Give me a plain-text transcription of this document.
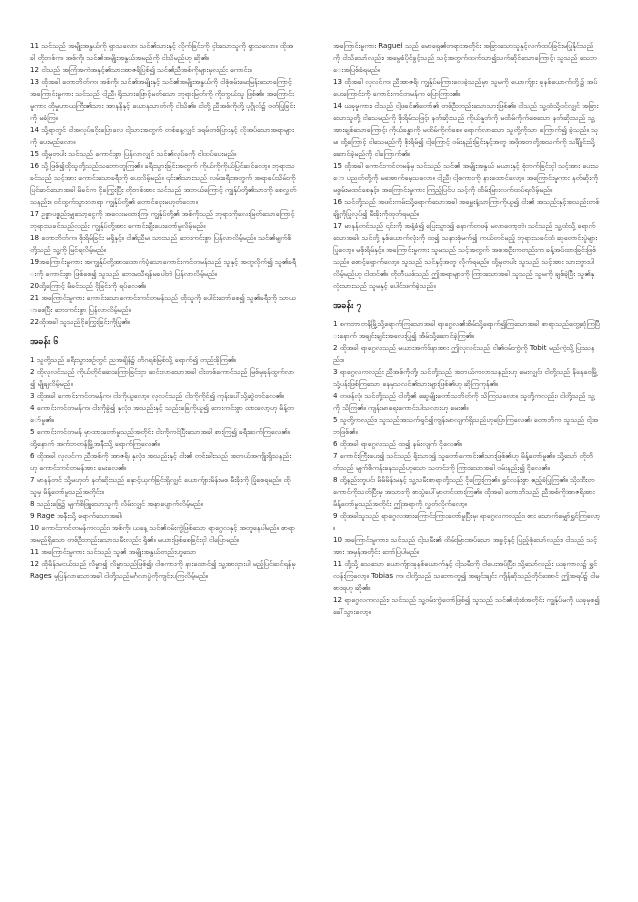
11 သင်သည် အမျိုးအနွယ်ကို ရှာသလော၊ သင်၏သားနှင့် လိုက်ခြင်းကို ငှါးသောသူကို ရှာသလော။ ထိုအခါ တိုဘစ်က၊ အစ်ကို၊ သင်၏အမျိုးအနွယ်အမည်ကို ငါသိမည်ဟု ဆို၏။

12 ငါသည် အကြံအကဲအနှင့်၏သားအာဇရိပြစ်၍ သင်၏ညီအစ်ကိုများမှလည်း ကောင်း။

13 ထိုအခါ တောဘိတ်က၊ အစ်ကို၊ သင်၏အမျိုးနှင့် သင်၏အမျိုးအနွယ်ကို ငါစုံစမ်းမေးမြန်းသောကြောင့် အကြောင်းမူကား သင်သည် ငါ့ညီ၊ ရိုးသားဖြောင့်မတ်သော ဘုရားမြတ်ကို ကိုးကွယ်သူ ဖြစ်၏။ အကြောင်းမူကား ထိုမှုဟာယကြီး၏သား အာနနိနှင့် ယောနသာတ်ကို ငါသိ၏။ ငါတို့ ညီအစ်ကိုတို့ ပုဂ္ဂိုလ်၌ ဝတ်ပြုခြင်းကို မခံကြ။

14 သို့ရာတွင် ငါအလုပ်ခဝိုးပြောလေ ငါ့သားအတွက် တစ်နေ့လျှင် ဒရမ်တစ်ပြားနှင့် လိုအပ်သောအရာများကို ပေးမည်လော။

15 ထို့မှတပါး သင်သည် ကောင်းစွာ ပြန်လာလျှင် သင်၏လုပ်ခကို ငါထပ်ပေးမည်။

16 သို့ဖြစ်၍ထိုသူတို့သည်သဘောတူကြ၏။ ခရီးသွားခြင်းအတွက် ကိုယ်ကိုကိုယ်ပြင်ဆင်လော့။ ဘုရားသခင်သည် သင့်အား ကောင်းသောခရီးကို ပေးလိမ့်မည်။ ၎င်း၏သားသည် လမ်းခရီးအတွက် အရာခပ်သိမ်းကို ပြင်ဆင်သောအခါ မိခင်က ငိုကြွေးပြီး တိုဘစ်အား သင်သည် အဘယ်ကြောင့် ကျွန်ုပ်တို့၏သားကို စေလွှတ်သနည်း။ ဝင်ထွက်သွားလာရာ ကျွန်ုပ်တို့၏ တောင်ဝှေးမဟုတ်လော။

17 ဥစ္စာပစ္စည်းမျှသော့ငွေကို အလေးမထားကြ၊ ကျွန်ုပ်တို့၏ အစ်ကိုသည် ဘုရားကိုလေးမြတ်သောကြောင့် ဘုရားသခင်သည်လည်း ကျွန်ုပ်တို့အား ကောင်းချီးပေးတော်မူလိမ့်မည်။

18 တောဘိတ်က၊ စိုးရိမ်ခြင်း မရှိနှင့်။ ငါ၏ညီမ၊ သားသည် ဘေးကင်းစွာ ပြန်လာလိမ့်မည်။ သင်၏မျက်စိတို့သည် သူ့ကို မြင်ရလိမ့်မည်။

19အကြောင်းမူကား အကျွန်ုပ်တို့အားထောက်ပံ့သောကောင်းကင်တမန်သည် သူနှင့် အတူလိုက်၍ သူ၏ခရီးကို ကောင်းစွာ ဖြစ်စေ၍ သူသည် ဘေးမသီရန်မခပါဘဲ ပြန်လာလိမ့်မည်။

20ထို့ကြောင့် မိခင်သည် ငိုခြင်းကို ရပ်လေ၏။

21 အကြောင်းမူကား ကောင်းသောကောင်းကင်တမန်သည် ထိုသူကို ပေါင်းဘော်စေ၍ သူ၏ခရီးကို သာယာစေပြီး ဘေးကင်းစွာ ပြန်လာလိမ့်မည်။

22ထိုအခါ သူသည်ငိုကြွေးခြင်းကိုပြု၏။

အခန်း ၆

1 သူတို့သည် ခရီးသွားစဉ်တွင် ညအချိန်၌ တိဂရစ်မြစ်သို့ ရောက်၍ တည်းခိုကြ၏။

2 ထိုလုလင်သည် ကိုယ်တိုင်ဆေးကြောခြင်းငှာ ဆင်းလာသောအခါ ငါးတစ်ကောင်သည် မြစ်မှခုန်ထွက်လာ၍ မျိုချလိမ့်မည်။

3 ထိုအခါ ကောင်းကင်တမန်က၊ ငါးကိုယူလော့။ လုလင်သည် ငါးကိုကိုင်၍ ကုန်းပေါ်သို့ဆွဲတင်လေ၏။

4 ကောင်းကင်တမန်က၊ ငါးကိုခွဲ၍ နှလုံး၊ အသည်းနှင့် သည်းခြေကိုယူ၍ ဘေးကင်းစွာ ထားလော့ဟု မိန့်တော်မူ၏။

5 ကောင်းကင်တမန် မှာထားတော်မူသည်အတိုင်း ငါးကိုကင်ပြီးသောအခါ စားကြ၍ ခရီးဆက်ကြလေ၏။ ထို့နောက် အက်ဘတန်မြို့အနီးသို့ ရောက်ကြလေ၏။

6 ထိုအခါ လုလင်က ညီအစ်ကို အာဇရိ၊ နှလုံး၊ အသည်းနှင့် ငါး၏ တင်းခါးသည် အဘယ်အကျိုးရှိသနည်းဟု ကောင်းကင်တမန်အား မေးလေ၏။

7 မာနန်တင် သို့မဟုတ် နတ်ဆိုးသည် နှောင့်ယှက်ခြင်းရှိလျှင် ယောက်ျားမိန်းမစ မီးခိုးကို ပြုံစေရမည်။ ထိုသူမှ မိန့်တော်မူသည်အတိုင်း။

8 သည်းခြေ၌ မျက်စိဖြူသောသူကို လိမ်းလျှင် အနာပျောက်လိမ့်မည်။

9 Rage အနီးသို့ ရောက်သောအခါ၊

10 ကောင်းကင်တမန်ကလည်း၊ အစ်ကို၊ ယနေ့ သင်၏ဝမ်းကွဲဖြစ်သော ရာဂွေလနှင့် အတူနေပါမည်။ စာရာအမည်ရှိသော တစ်ဦးတည်းသောသမီးလည်း ရှိ၏။ မယားဖြစ်စေခြင်းငှါ ငါပြောမည်။

11 အကြောင်းမူကား သင်သည် သူ၏ အမျိုးအနွယ်တည်းဟူသော

12 ထိုမိန်းမငယ်သည် လိမ္မာ၍ လိမ္မာသည်ဖြစ်၍၊ ငါစကားကို နားထောင်၍ သူ့အားငှားပါ မည့်ပြင်ဆင်ရန်မှ Rages မှပြန်လာသောအခါ ငါတို့သည်မင်္ဂလာပွဲကိုကျင်းပကြလိမ့်မည်။

အကြောင်းမူကား Raguel သည် မောရှေ၏တရားအတိုင်း အခြားသောသူနှင့်လက်ထပ်ခြင်းမပြုနိုင်သည်ကို ငါသိသော်လည်း၊ အမွေခံပိုင်ခွင့်သည် သင့်အတွက်ထက်သာ၍သက်ဆိုင်သောကြောင့်၊ သူသည် သေဘေးအပြစ်ခံရမည်။

13 ထိုအခါ လုလင်က၊ ညီအာဇရိ၊ ကျွန်ုပ်မကြားလေခဲ့သည်မှာ သူမကို ယောက်ျား ခုနစ်ယောက်တို့၌ အပ်ပေးကြောင်းကို ကောင်းကင်တမန်က ပြောကြား၏။

14 ယခုမူကား၊ ငါသည် ငါ့ဖခင်၏တော်၏ တစ်ဦးတည်းသောသားဖြစ်၏။ ငါသည် သူ့ထံသို့ဝင်လျှင် အခြားသောသူတို့ ငါသေမည်ကို စိုးရိမ်သဖြင့်၊ နတ်ဆိုးသည် ကိုယ်နှုတ်ကို မထိမ်ကိုက်စေသော နတ်ဆိုးသည် သူ့အားချစ်သောကြောင့်၊ ကိုယ်ခန္ဓာကို မထိမ်ကိုက်စေ။ ရောက်လာသော သူတို့ကိုသာ ကြောက်၍ ခဲ့သည်။ သုမ၊ ထို့ကြောင့် ငါသေမည်ကို စိုးရိမ်၍ ငါ့ကြောင့် ဝမ်းနည်းခြင်းနှင့်အတူ အဖိုအဘတို့အသက်ကို သင်္ချိုင်းသို့ ဆောင်ခဲ့မည်ကို ငါကြောက်၏။

15 ထိုအခါ ကောင်းကင်တမန်မှ သင်သည် သင်၏ အမျိုးအနွယ် မယားနှင့် စုံဘက်ခြင်းငှါ သင့်အား ပေးသော ပညတ်တို့ကို မအောက်မေ့သလော။ ငါ့ညီ၊ ငါ့စကားကို နားထောင်လော့။ အကြောင်းမူကား နတ်ဆိုးကို မစွမ်းမထင်စေနှင့်။ အကြောင်းမူကား ကြည့်ပြင်ပ သင့်ကို ထိမ်းမြားလက်ထပ်ရလိမ့်မည်။

16 သင်တို့သည် အဖင်းကမ်းသို့ရောက်သောအခါ အမွှေးနံ့သာကြာကိုယူ၍ ငါး၏ အသည်းနှင့်အသည်းတစ်ချို့ကိုပြုလုပ်၍ မီးခိုးကိုထုတ်ရမည်။

17 မာနန်တင်သည် ၎င်းကို အနံ့ခံ၍ ပြေးသွား၍ နောက်တဖန် မလာတော့ဘဲ၊ သင်သည် သူ့ထံသို့ ရောက်သောအခါ၊ သင်တို့ နှစ်ယောက်လုံးကို ထ၍ သနားစုံမက်၍ ကယ်တင်မည့် ဘုရားသခင်ထံ ဆုတောင်းပွဲများပြုလော့။ မစိုးရိမ်နှင့်။ အကြောင်းမူကား သူမသည် သင့်အတွက် အစအဦးကတည်းက ခန့်အပ်ထားခြင်းဖြစ်သည်။ စောင့်ရှောက်လော့။ သူသည် သင်နှင့်အတူ လိုက်ရမည်။ ထို့မှတပါး သူသည် သင့်အား သားဘွားပါလိမ့်မည်ဟု ငါထင်၏။ တိုဘီယစ်သည် ဤအရာများကို ကြားသောအခါ သူသည် သူမကို ချစ်ခဲ့ပြီး သူ၏နှလုံးသားသည် သူမနှင့် ပေါင်းဖက်ခဲ့သည်။

အခန်း ၇

1 စကဘာတနိမြို့သို့ရောက်ကြသောအခါ ရာဂွေလ၏အိမ်သို့ရောက်၍ကြသောအခါ စာရာသည်တွေ့ဆုံကြပြီးနောက် အချင်းချင်းအလေးပြု၍ အိမ်သို့ဆောင်ခဲ့ကြ၏။

2 ထိုအခါ ရာဂွေလသည် မယားအက်ဒ်နာအား ဤလုလင်သည် ငါ၏ဝမ်းကွဲကို Tobit မည်ကဲ့သို့ ပြဿနည်း။

3 ရာဂွေလကလည်း ညီအစ်ကိုတို့၊ သင်တို့သည် အဘယ်ကလာသနည်းဟု မေးလျှင်၊ ငါတို့သည် နိနေဝေမြို့ သုံ့ပန်းဖြစ်ကြသော နေမှသလင်၏သားများဖြစ်၏ဟု ဆိုကြကုန်၏။

4 တဖန်လုံ၊ သင်တို့သည် ငါတို့၏ ဆွေမျိုးတော်သဘိတ်ကို သိကြသလော။ သူတို့ကလည်း၊ ငါတို့သည် သူ့ကို သိကြ၏။ ကျန်းမာရေးကောင်းပါသလားဟု မေး၏။

5 သူတို့ကလည်း၊ သူသည်အသက်ရှင်၍ကျန်းမာလျက်ရှိသည်ဟုပြောကြလေ၏၊ တောဘိက သူသည် ငါ့အဘဖြစ်၏။

6 ထိုအခါ ရာဂွေလသည် ထ၍ နမ်းလျက် ငိုလေ၏။

7 ကောင်းကြီးပေး၍ သင်သည် ရိုးသား၍ သူတော်ကောင်း၏သားဖြစ်၏ဟု မိန့်တော်မူ၏။ သို့သော် တိုဘိတ်သည် မျက်စိကန်းနေသည်ဟုသော သတင်းကို ကြားသောအခါ ဝမ်းနည်း၍ ငိုလေ၏။

8 ထို့နည်းတူပင်၊ မိမိမိန်းမနှင့် သူ့သမီးစာရာတို့သည် ငိုကြွေးကြ၏။ ရွှင်လန်းစွာ ဧည့်ခံပြုကြ၏။ သိုးထီးတကောင်ကိုသတ်ပြီးမှ အသားကို စားပွဲပေါ်မှာတင်ထားကြ၏။ ထိုအခါ တောဘိသည် ညီအစ်ကိုအာဇရိအား မိန့်တော်မူသည်အတိုင်း ဤအရာကို လွှတ်လိုက်လော့။

9 ထိုအခါသူသည် ရာဂွေလအားကြောင်းကြားတော်မူပြီးမှ၊ ရာဂွေလကလည်း၊ စား သောက်မျှော်ရွှင်ကြလော့။

10 အကြောင်းမူကား၊ သင်သည် ငါ့သမီး၏ ထိမ်းမြားအပ်သော အခွင့်နှင့် ပြည့်စုံသော်လည်း၊ ငါသည် သင့်အား အမှန်အတိုင်း ဘော်ပြပါမည်။

11 ထို့သို့ သေသော ယောက်ျားခုနစ်ယောက်နှင့် ငါ့သမီးကို ငါပေးအပ်ပြီး၊ သို့သော်လည်း ယခုကာလ၌ ရွှင်လန်းကြလော့။ Tobias က၊ ငါတို့သည် သဘောတူ၍ အချင်းချင်း ကျိန်ဆိုသည်တိုင်အောင် ဤအရပ်၌ ငါမစားရဟု ဆို၏။

12 ရာဂွေလကလည်း၊ သင်သည် သူ့ဝမ်းကွဲတော်ဖြစ်၍ သူသည် သင်၏ထုံးစံအတိုင်း ကျွန်ုပ်မကို ယခုမှစ၍ ခေါ်သွားလော့။
